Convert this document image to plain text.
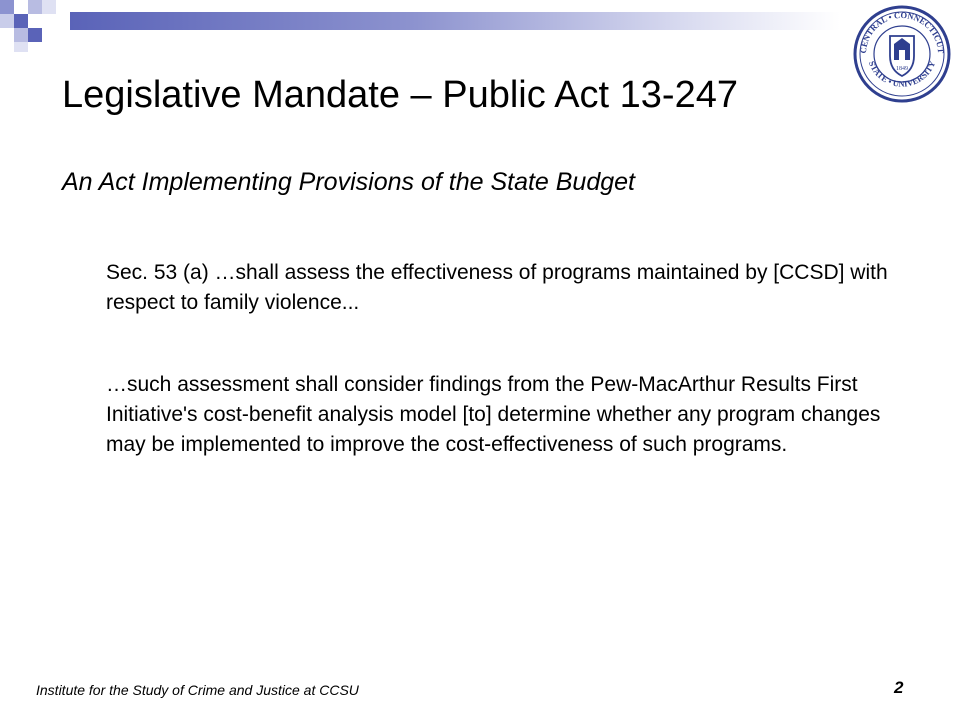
CENTRAL • CONNECTICUT
STATE • UNIVERSITY
1849
Legislative Mandate – Public Act 13-247
An Act Implementing Provisions of the State Budget
Sec. 53 (a) …shall assess the effectiveness of programs maintained by [CCSD] with respect to family violence...
…such assessment shall consider findings from the Pew-MacArthur Results First Initiative's cost-benefit analysis model [to] determine whether any program changes may be implemented to improve the cost-effectiveness of such programs.
Institute for the Study of Crime and Justice at CCSU	2
